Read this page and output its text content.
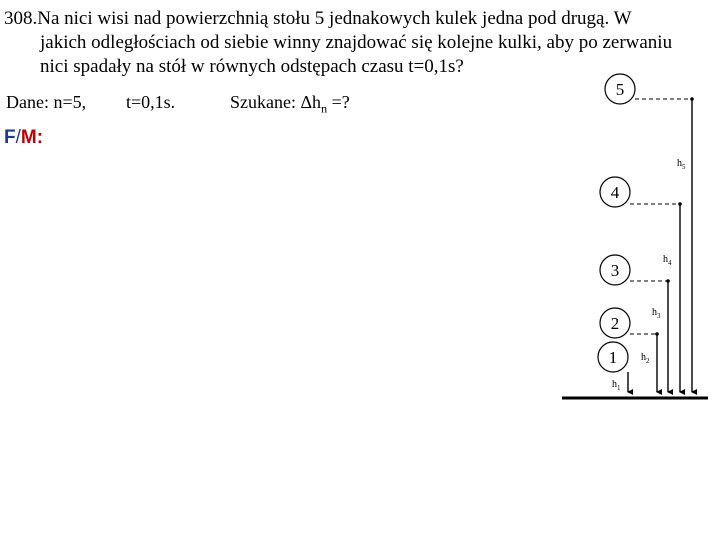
308.Na nici wisi nad powierzchnią stołu 5 jednakowych kulek jedna pod drugą. W
jakich odległościach od siebie winny znajdować się kolejne kulki, aby po zerwaniu
nici spadały na stół w równych odstępach czasu t=0,1s?
Dane: n=5, t=0,1s.	Szukane: $\Delta h_n$ =?
F/M:
5
4
3
2
1
$h_5$
$h_4$
$h_3$
$h_2$
$h_1$
